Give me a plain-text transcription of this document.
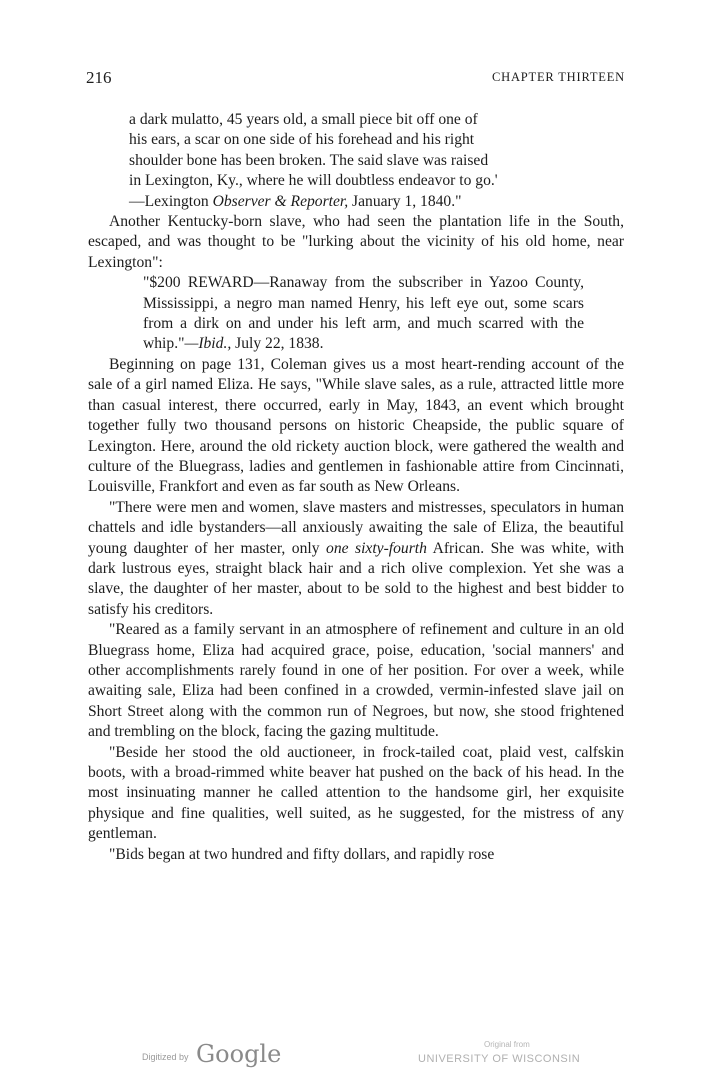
216	CHAPTER THIRTEEN

a dark mulatto, 45 years old, a small piece bit off one of

his ears, a scar on one side of his forehead and his right

shoulder bone has been broken. The said slave was raised

in Lexington, Ky., where he will doubtless endeavor to go.'

—Lexington Observer & Reporter, January 1, 1840."

Another Kentucky-born slave, who had seen the plantation life in the South, escaped, and was thought to be "lurking about the vicinity of his old home, near Lexington":

"$200 REWARD—Ranaway from the subscriber in Yazoo County, Mississippi, a negro man named Henry, his left eye out, some scars from a dirk on and under his left arm, and much scarred with the whip."—Ibid., July 22, 1838.

Beginning on page 131, Coleman gives us a most heart-rending account of the sale of a girl named Eliza. He says, "While slave sales, as a rule, attracted little more than casual interest, there occurred, early in May, 1843, an event which brought together fully two thousand persons on historic Cheapside, the public square of Lexington. Here, around the old rickety auction block, were gathered the wealth and culture of the Bluegrass, ladies and gentlemen in fashionable attire from Cincinnati, Louisville, Frankfort and even as far south as New Orleans.

"There were men and women, slave masters and mistresses, speculators in human chattels and idle bystanders—all anxiously awaiting the sale of Eliza, the beautiful young daughter of her master, only one sixty-fourth African. She was white, with dark lustrous eyes, straight black hair and a rich olive complexion. Yet she was a slave, the daughter of her master, about to be sold to the highest and best bidder to satisfy his creditors.

"Reared as a family servant in an atmosphere of refinement and culture in an old Bluegrass home, Eliza had acquired grace, poise, education, 'social manners' and other accomplishments rarely found in one of her position. For over a week, while awaiting sale, Eliza had been confined in a crowded, vermin-infested slave jail on Short Street along with the common run of Negroes, but now, she stood frightened and trembling on the block, facing the gazing multitude.

"Beside her stood the old auctioneer, in frock-tailed coat, plaid vest, calfskin boots, with a broad-rimmed white beaver hat pushed on the back of his head. In the most insinuating manner he called attention to the handsome girl, her exquisite physique and fine qualities, well suited, as he suggested, for the mistress of any gentleman.

"Bids began at two hundred and fifty dollars, and rapidly rose

Digitized by Google	Original from
UNIVERSITY OF WISCONSIN
